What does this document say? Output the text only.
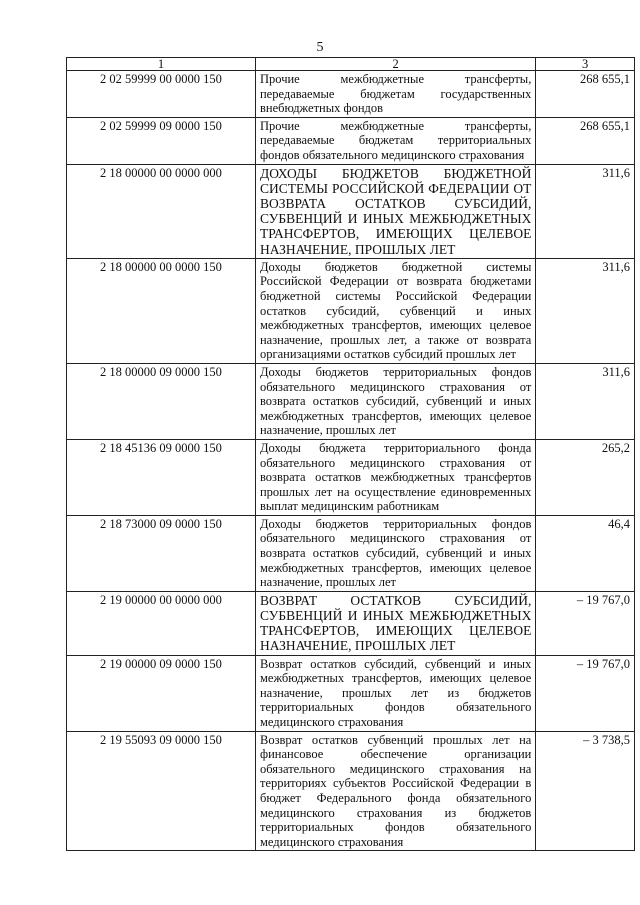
5
1	2	3
2 02 59999 00 0000 150	Прочие межбюджетные трансферты, передаваемые бюджетам государственных внебюджетных фондов	268 655,1
2 02 59999 09 0000 150	Прочие межбюджетные трансферты, передаваемые бюджетам территориальных фондов обязательного медицинского страхования	268 655,1
2 18 00000 00 0000 000	ДОХОДЫ БЮДЖЕТОВ БЮДЖЕТНОЙ СИСТЕМЫ РОССИЙСКОЙ ФЕДЕРАЦИИ ОТ ВОЗВРАТА ОСТАТКОВ СУБСИДИЙ, СУБВЕНЦИЙ И ИНЫХ МЕЖБЮДЖЕТНЫХ ТРАНСФЕРТОВ, ИМЕЮЩИХ ЦЕЛЕВОЕ НАЗНАЧЕНИЕ, ПРОШЛЫХ ЛЕТ	311,6
2 18 00000 00 0000 150	Доходы бюджетов бюджетной системы Российской Федерации от возврата бюджетами бюджетной системы Российской Федерации остатков субсидий, субвенций и иных межбюджетных трансфертов, имеющих целевое назначение, прошлых лет, а также от возврата организациями остатков субсидий прошлых лет	311,6
2 18 00000 09 0000 150	Доходы бюджетов территориальных фондов обязательного медицинского страхования от возврата остатков субсидий, субвенций и иных межбюджетных трансфертов, имеющих целевое назначение, прошлых лет	311,6
2 18 45136 09 0000 150	Доходы бюджета территориального фонда обязательного медицинского страхования от возврата остатков межбюджетных трансфертов прошлых лет на осуществление единовременных выплат медицинским работникам	265,2
2 18 73000 09 0000 150	Доходы бюджетов территориальных фондов обязательного медицинского страхования от возврата остатков субсидий, субвенций и иных межбюджетных трансфертов, имеющих целевое назначение, прошлых лет	46,4
2 19 00000 00 0000 000	ВОЗВРАТ ОСТАТКОВ СУБСИДИЙ, СУБВЕНЦИЙ И ИНЫХ МЕЖБЮДЖЕТНЫХ ТРАНСФЕРТОВ, ИМЕЮЩИХ ЦЕЛЕВОЕ НАЗНАЧЕНИЕ, ПРОШЛЫХ ЛЕТ	– 19 767,0
2 19 00000 09 0000 150	Возврат остатков субсидий, субвенций и иных межбюджетных трансфертов, имеющих целевое назначение, прошлых лет из бюджетов территориальных фондов обязательного медицинского страхования	– 19 767,0
2 19 55093 09 0000 150	Возврат остатков субвенций прошлых лет на финансовое обеспечение организации обязательного медицинского страхования на территориях субъектов Российской Федерации в бюджет Федерального фонда обязательного медицинского страхования из бюджетов территориальных фондов обязательного медицинского страхования	– 3 738,5
